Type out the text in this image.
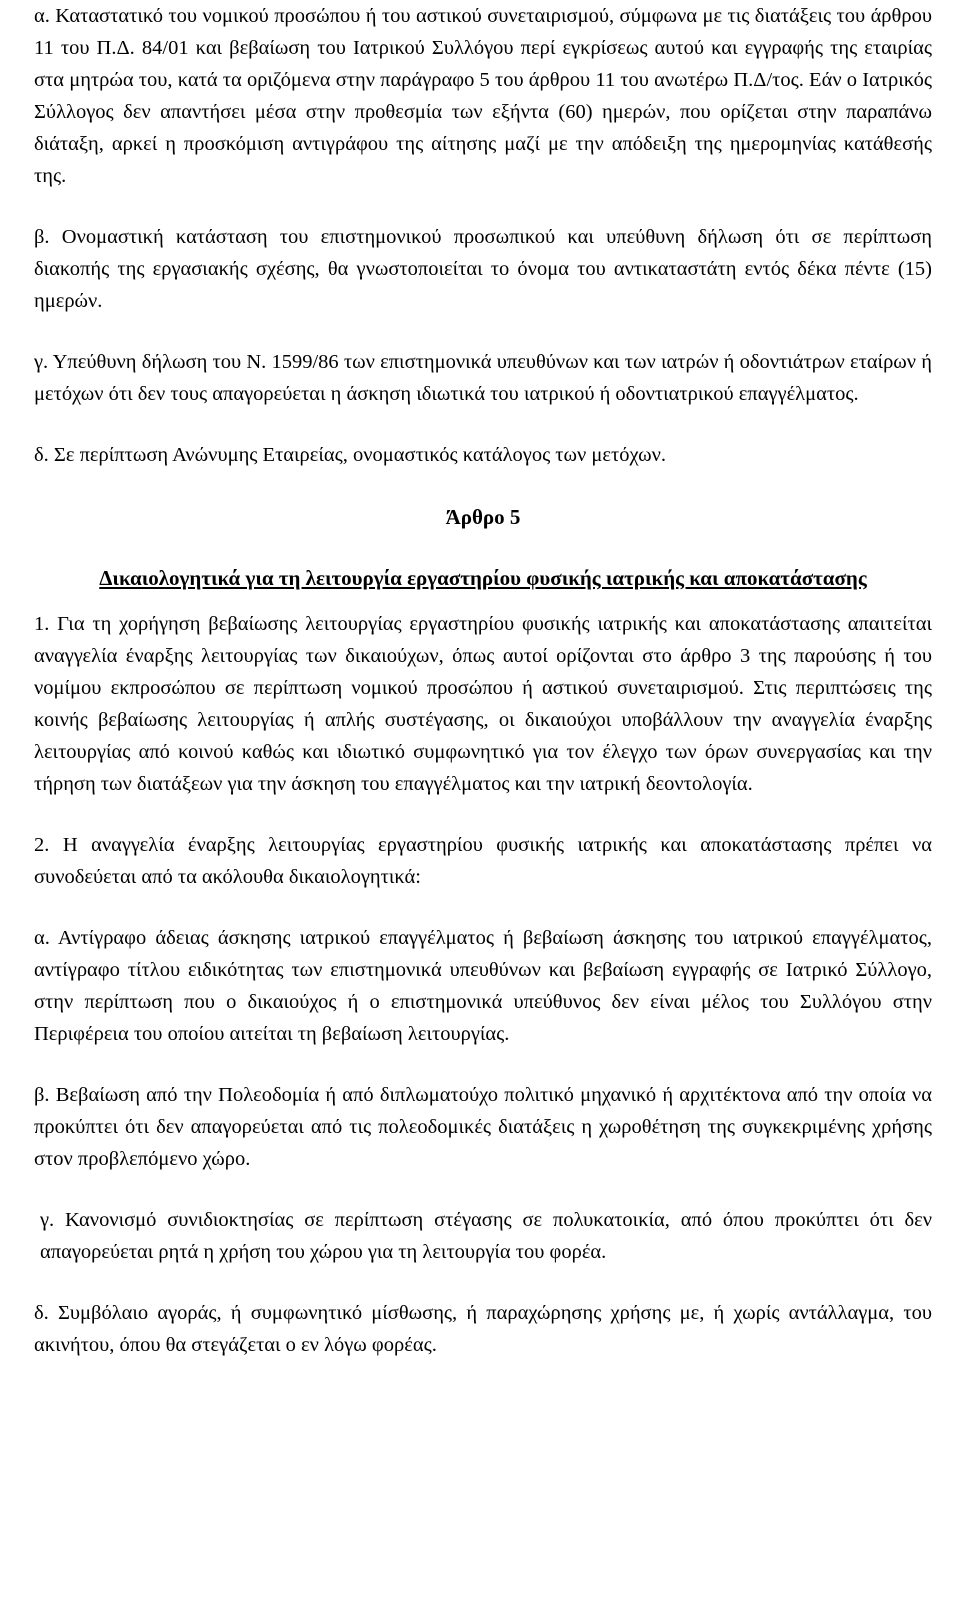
α. Καταστατικό του νομικού προσώπου ή του αστικού συνεταιρισμού, σύμφωνα με τις διατάξεις του άρθρου 11 του Π.Δ. 84/01 και βεβαίωση του Ιατρικού Συλλόγου περί εγκρίσεως αυτού και εγγραφής της εταιρίας στα μητρώα του, κατά τα οριζόμενα στην παράγραφο 5 του άρθρου 11 του ανωτέρω Π.Δ/τος. Εάν ο Ιατρικός Σύλλογος δεν απαντήσει μέσα στην προθεσμία των εξήντα (60) ημερών, που ορίζεται στην παραπάνω διάταξη, αρκεί η προσκόμιση αντιγράφου της αίτησης μαζί με την απόδειξη της ημερομηνίας κατάθεσής της.

β. Ονομαστική κατάσταση του επιστημονικού προσωπικού και υπεύθυνη δήλωση ότι σε περίπτωση διακοπής της εργασιακής σχέσης, θα γνωστοποιείται το όνομα του αντικαταστάτη εντός δέκα πέντε (15) ημερών.

γ. Υπεύθυνη δήλωση του Ν. 1599/86 των επιστημονικά υπευθύνων και των ιατρών ή οδοντιάτρων εταίρων ή μετόχων ότι δεν τους απαγορεύεται η άσκηση ιδιωτικά του ιατρικού ή οδοντιατρικού επαγγέλματος.

δ. Σε περίπτωση Ανώνυμης Εταιρείας, ονομαστικός κατάλογος των μετόχων.

Άρθρο 5

Δικαιολογητικά για τη λειτουργία εργαστηρίου φυσικής ιατρικής και αποκατάστασης

1. Για τη χορήγηση βεβαίωσης λειτουργίας εργαστηρίου φυσικής ιατρικής και αποκατάστασης απαιτείται αναγγελία έναρξης λειτουργίας των δικαιούχων, όπως αυτοί ορίζονται στο άρθρο 3 της παρούσης ή του νομίμου εκπροσώπου σε περίπτωση νομικού προσώπου ή αστικού συνεταιρισμού. Στις περιπτώσεις της κοινής βεβαίωσης λειτουργίας ή απλής συστέγασης, οι δικαιούχοι υποβάλλουν την αναγγελία έναρξης λειτουργίας από κοινού καθώς και ιδιωτικό συμφωνητικό για τον έλεγχο των όρων συνεργασίας και την τήρηση των διατάξεων για την άσκηση του επαγγέλματος και την ιατρική δεοντολογία.

2. Η αναγγελία έναρξης λειτουργίας εργαστηρίου φυσικής ιατρικής και αποκατάστασης πρέπει να συνοδεύεται από τα ακόλουθα δικαιολογητικά:

α. Αντίγραφο άδειας άσκησης ιατρικού επαγγέλματος ή βεβαίωση άσκησης του ιατρικού επαγγέλματος, αντίγραφο τίτλου ειδικότητας των επιστημονικά υπευθύνων και βεβαίωση εγγραφής σε Ιατρικό Σύλλογο, στην περίπτωση που ο δικαιούχος ή ο επιστημονικά υπεύθυνος δεν είναι μέλος του Συλλόγου στην Περιφέρεια του οποίου αιτείται τη βεβαίωση λειτουργίας.

β. Βεβαίωση από την Πολεοδομία ή από διπλωματούχο πολιτικό μηχανικό ή αρχιτέκτονα από την οποία να προκύπτει ότι δεν απαγορεύεται από τις πολεοδομικές διατάξεις η χωροθέτηση της συγκεκριμένης χρήσης στον προβλεπόμενο χώρο.

γ. Κανονισμό συνιδιοκτησίας σε περίπτωση στέγασης σε πολυκατοικία, από όπου προκύπτει ότι δεν απαγορεύεται ρητά η χρήση του χώρου για τη λειτουργία του φορέα.

δ. Συμβόλαιο αγοράς, ή συμφωνητικό μίσθωσης, ή παραχώρησης χρήσης με, ή χωρίς αντάλλαγμα, του ακινήτου, όπου θα στεγάζεται ο εν λόγω φορέας.
